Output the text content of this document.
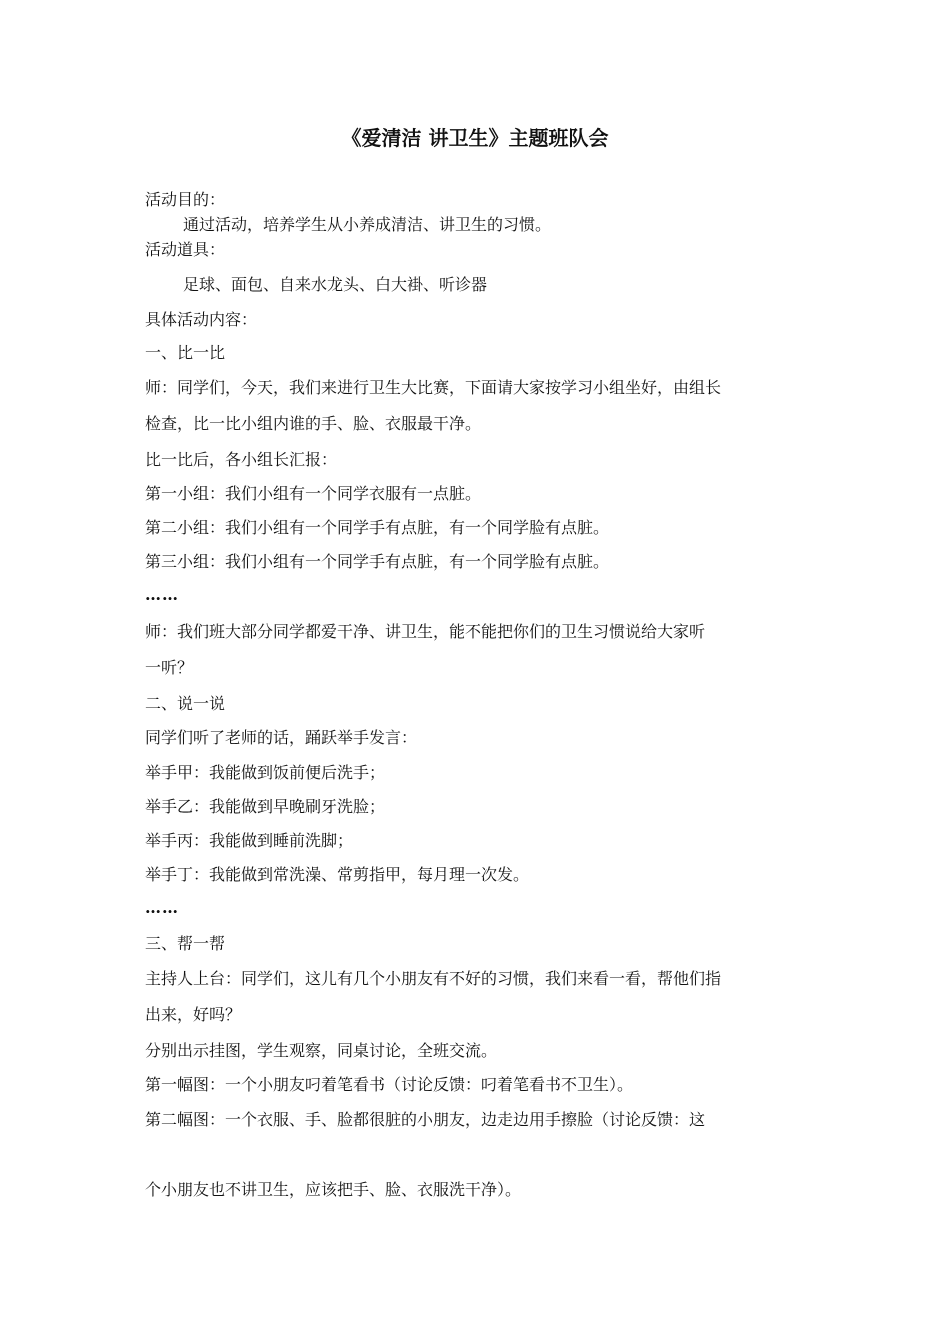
《爱清洁 讲卫生》主题班队会
活动目的：
通过活动，培养学生从小养成清洁、讲卫生的习惯。
活动道具：
足球、面包、自来水龙头、白大褂、听诊器
具体活动内容：
一、比一比
师：同学们，今天，我们来进行卫生大比赛，下面请大家按学习小组坐好，由组长
检查，比一比小组内谁的手、脸、衣服最干净。
比一比后，各小组长汇报：
第一小组：我们小组有一个同学衣服有一点脏。
第二小组：我们小组有一个同学手有点脏，有一个同学脸有点脏。
第三小组：我们小组有一个同学手有点脏，有一个同学脸有点脏。
……
师：我们班大部分同学都爱干净、讲卫生，能不能把你们的卫生习惯说给大家听
一听？
二、说一说
同学们听了老师的话，踊跃举手发言：
举手甲：我能做到饭前便后洗手；
举手乙：我能做到早晚刷牙洗脸；
举手丙：我能做到睡前洗脚；
举手丁：我能做到常洗澡、常剪指甲，每月理一次发。
……
三、帮一帮
主持人上台：同学们，这儿有几个小朋友有不好的习惯，我们来看一看，帮他们指
出来，好吗？
分别出示挂图，学生观察，同桌讨论，全班交流。
第一幅图：一个小朋友叼着笔看书（讨论反馈：叼着笔看书不卫生）。
第二幅图：一个衣服、手、脸都很脏的小朋友，边走边用手擦脸（讨论反馈：这
个小朋友也不讲卫生，应该把手、脸、衣服洗干净）。
